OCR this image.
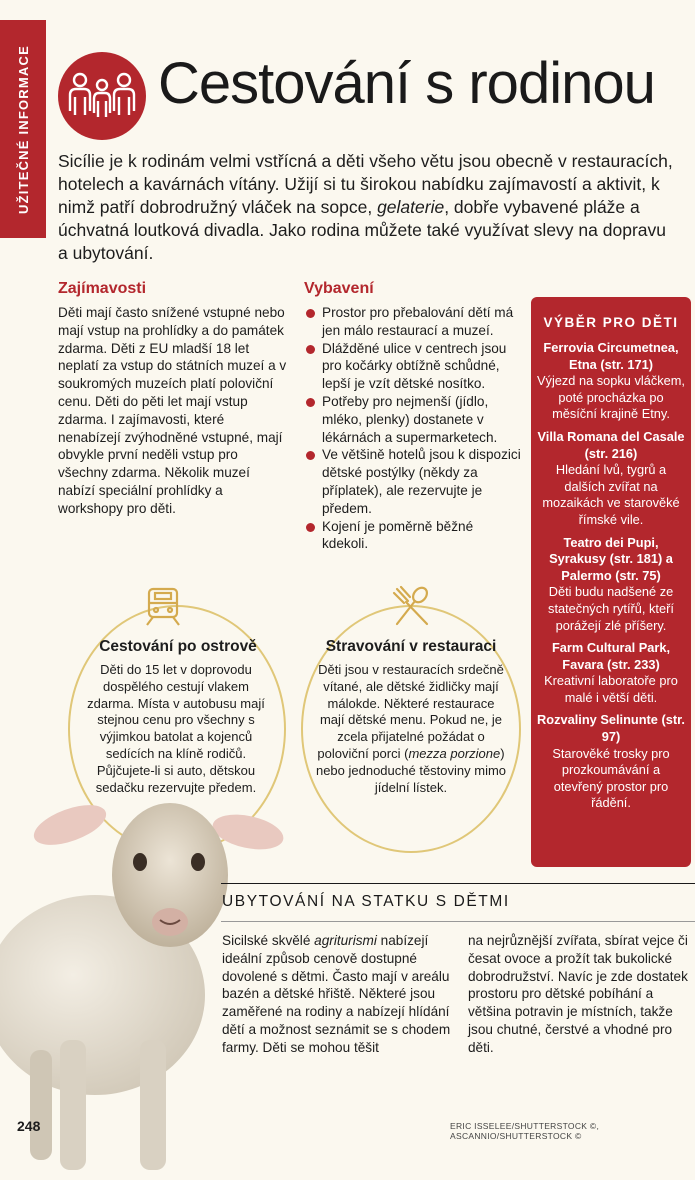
UŽITEČNÉ INFORMACE Cestování s rodinou

Sicílie je k rodinám velmi vstřícná a děti všeho větu jsou obecně v restauracích, hotelech a kavárnách vítány. Užijí si tu širokou nabídku zajímavostí a aktivit, k nimž patří dobrodružný vláček na sopce, gelaterie, dobře vybavené pláže a úchvatná loutková divadla. Jako rodina můžete také využívat slevy na dopravu a ubytování.

Zajímavosti

Děti mají často snížené vstupné nebo mají vstup na prohlídky a do památek zdarma. Děti z EU mladší 18 let neplatí za vstup do státních muzeí a v soukromých muzeích platí poloviční cenu. Děti do pěti let mají vstup zdarma. I zajímavosti, které nenabízejí zvýhodněné vstupné, mají obvykle první neděli vstup pro všechny zdarma. Několik muzeí nabízí speciální prohlídky a workshopy pro děti.

Vybavení
Prostor pro přebalování dětí má jen málo restaurací a muzeí.
Dlážděné ulice v centrech jsou pro kočárky obtížně schůdné, lepší je vzít dětské nosítko.
Potřeby pro nejmenší (jídlo, mléko, plenky) dostanete v lékárnách a supermarketech.
Ve většině hotelů jsou k dispozici dětské postýlky (někdy za příplatek), ale rezervujte je předem.
Kojení je poměrně běžné kdekoli.
VÝBĚR PRO DĚTI
Ferrovia Circumetnea, Etna (str. 171)
Výjezd na sopku vláčkem, poté procházka po měsíční krajině Etny.
Villa Romana del Casale (str. 216)
Hledání lvů, tygrů a dalších zvířat na mozaikách ve starověké římské vile.
Teatro dei Pupi, Syrakusy (str. 181) a Palermo (str. 75)
Děti budu nadšené ze statečných rytířů, kteří porážejí zlé příšery.
Farm Cultural Park, Favara (str. 233)
Kreativní laboratoře pro malé i větší děti.
Rozvaliny Selinunte (str. 97)
Starověké trosky pro prozkoumávání a otevřený prostor pro řádění.
Cestování po ostrově

Děti do 15 let v doprovodu dospělého cestují vlakem zdarma. Místa v autobusu mají stejnou cenu pro všechny s výjimkou batolat a kojenců sedících na klíně rodičů. Půjčujete-li si auto, dětskou sedačku rezervujte předem.

Stravování v restauraci

Děti jsou v restauracích srdečně vítané, ale dětské židličky mají málokde. Některé restaurace mají dětské menu. Pokud ne, je zcela přijatelné požádat o poloviční porci (mezza porzione) nebo jednoduché těstoviny mimo jídelní lístek.

UBYTOVÁNÍ NA STATKU S DĚTMI

Sicilské skvělé agriturismi nabízejí ideální způsob cenově dostupné dovolené s dětmi. Často mají v areálu bazén a dětské hřiště. Některé jsou zaměřené na rodiny a nabízejí hlídání dětí a možnost seznámit se s chodem farmy. Děti se mohou těšit

na nejrůznější zvířata, sbírat vejce či česat ovoce a prožít tak bukolické dobrodružství. Navíc je zde dostatek prostoru pro dětské pobíhání a většina potravin je místních, takže jsou chutné, čerstvé a vhodné pro děti.

248	ERIC ISSELEE/SHUTTERSTOCK ©, ASCANNIO/SHUTTERSTOCK ©
